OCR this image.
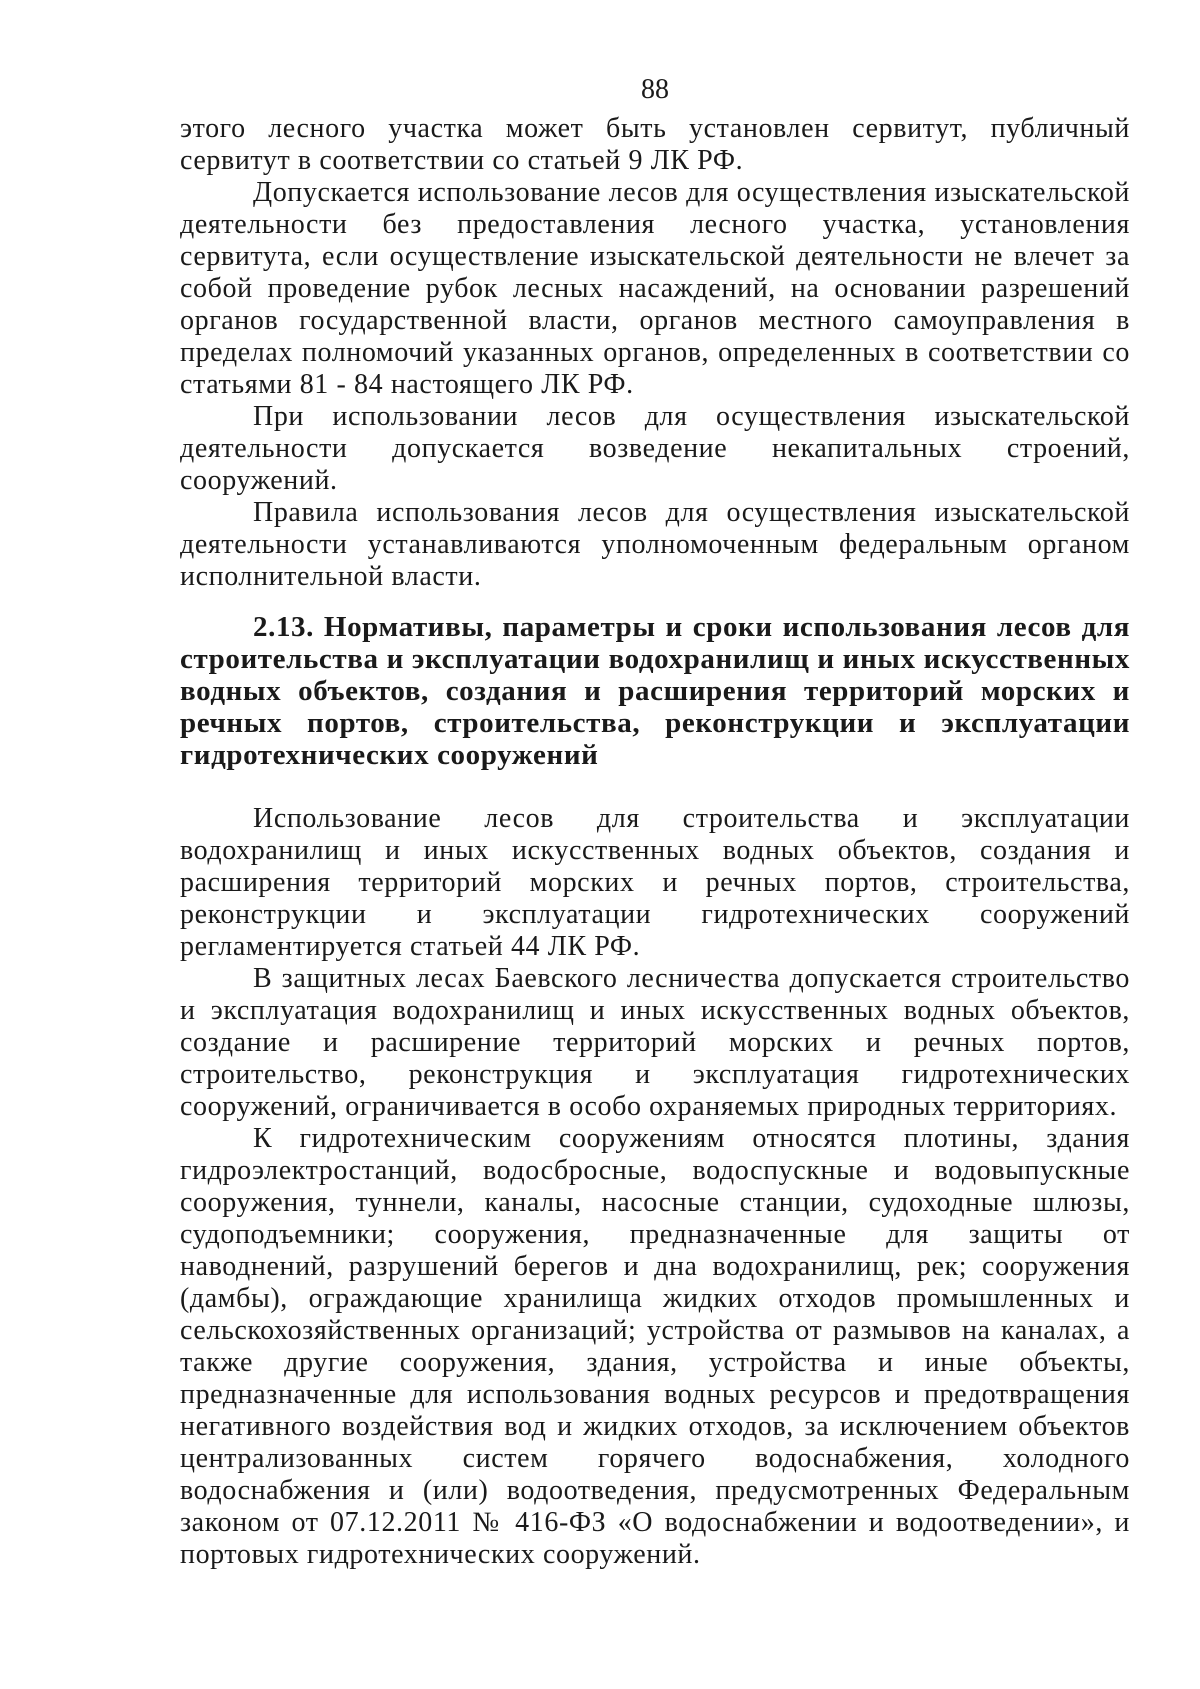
88

этого лесного участка может быть установлен сервитут, публичный сервитут в соответствии со статьей 9 ЛК РФ.

Допускается использование лесов для осуществления изыскательской деятельности без предоставления лесного участка, установления сервитута, если осуществление изыскательской деятельности не влечет за собой проведение рубок лесных насаждений, на основании разрешений органов государственной власти, органов местного самоуправления в пределах полномочий указанных органов, определенных в соответствии со статьями 81 - 84 настоящего ЛК РФ.

При использовании лесов для осуществления изыскательской деятельности допускается возведение некапитальных строений, сооружений.

Правила использования лесов для осуществления изыскательской деятельности устанавливаются уполномоченным федеральным органом исполнительной власти.

2.13. Нормативы, параметры и сроки использования лесов для строительства и эксплуатации водохранилищ и иных искусственных водных объектов, создания и расширения территорий морских и речных портов, строительства, реконструкции и эксплуатации гидротехнических сооружений

Использование лесов для строительства и эксплуатации водохранилищ и иных искусственных водных объектов, создания и расширения территорий морских и речных портов, строительства, реконструкции и эксплуатации гидротехнических сооружений регламентируется статьей 44 ЛК РФ.

В защитных лесах Баевского лесничества допускается строительство и эксплуатация водохранилищ и иных искусственных водных объектов, создание и расширение территорий морских и речных портов, строительство, реконструкция и эксплуатация гидротехнических сооружений, ограничивается в особо охраняемых природных территориях.

К гидротехническим сооружениям относятся плотины, здания гидроэлектростанций, водосбросные, водоспускные и водовыпускные сооружения, туннели, каналы, насосные станции, судоходные шлюзы, судоподъемники; сооружения, предназначенные для защиты от наводнений, разрушений берегов и дна водохранилищ, рек; сооружения (дамбы), ограждающие хранилища жидких отходов промышленных и сельскохозяйственных организаций; устройства от размывов на каналах, а также другие сооружения, здания, устройства и иные объекты, предназначенные для использования водных ресурсов и предотвращения негативного воздействия вод и жидких отходов, за исключением объектов централизованных систем горячего водоснабжения, холодного водоснабжения и (или) водоотведения, предусмотренных Федеральным законом от 07.12.2011 № 416-ФЗ «О водоснабжении и водоотведении», и портовых гидротехнических сооружений.
